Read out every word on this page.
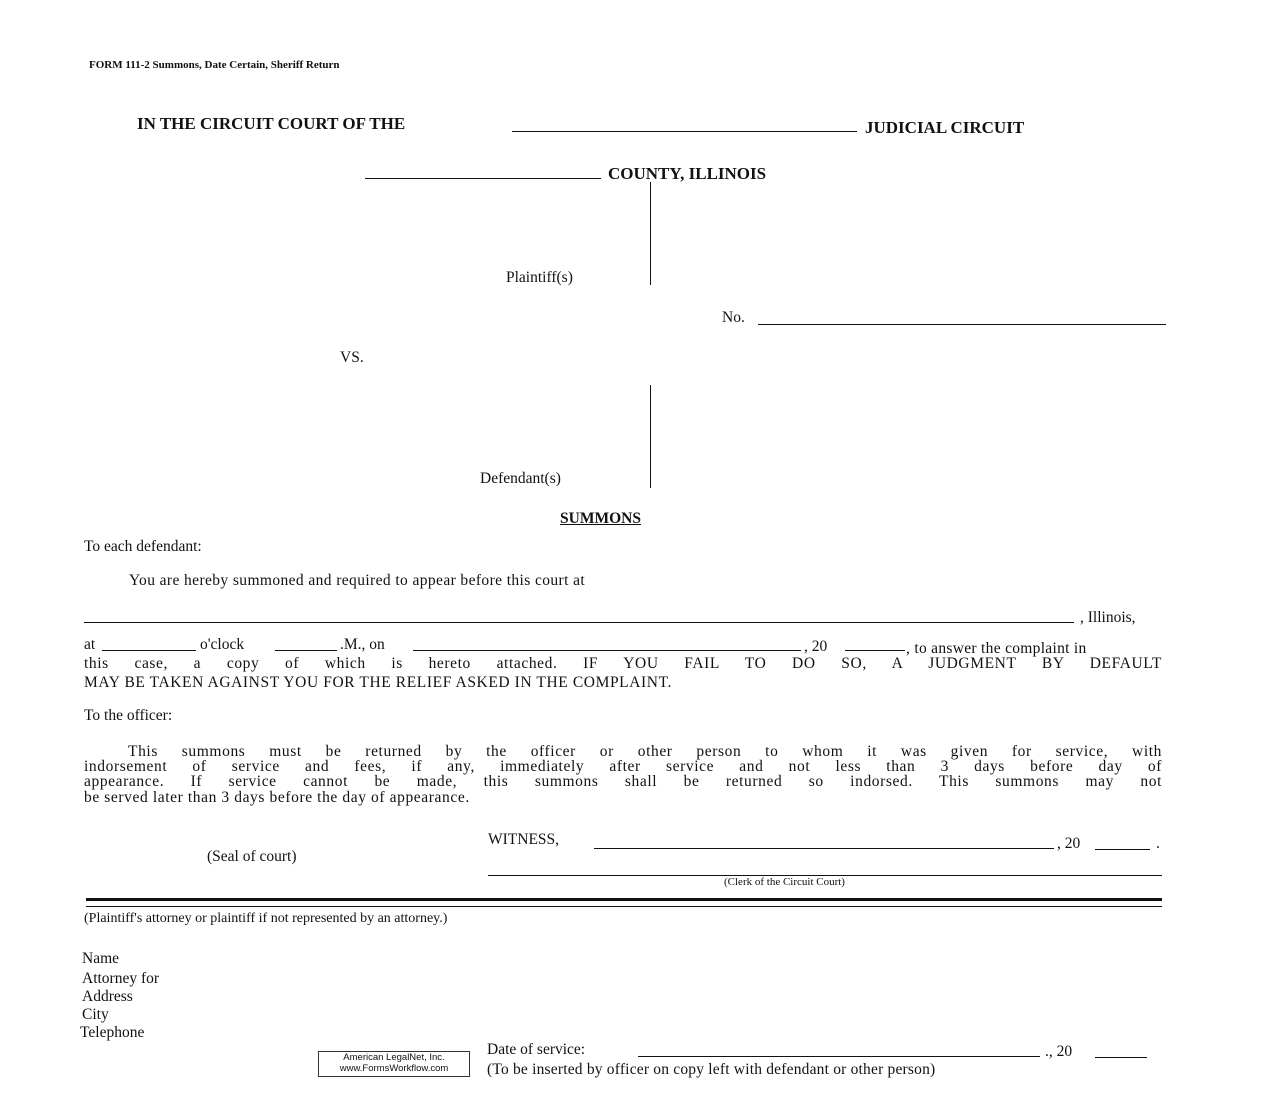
FORM 111-2 Summons, Date Certain, Sheriff Return
IN THE CIRCUIT COURT OF THE	JUDICIAL CIRCUIT
COUNTY, ILLINOIS
Plaintiff(s)
No.
VS.
Defendant(s)
SUMMONS
To each defendant:
You are hereby summoned and required to appear before this court at
, Illinois,
at	o'clock	.M., on	, 20	, to answer the complaint in
this case, a copy of which is hereto attached. IF YOU FAIL TO DO SO, A JUDGMENT BY DEFAULT
MAY BE TAKEN AGAINST YOU FOR THE RELIEF ASKED IN THE COMPLAINT.
To the officer:
This summons must be returned by the officer or other person to whom it was given for service, with
indorsement of service and fees, if any, immediately after service and not less than 3 days before day of
appearance. If service cannot be made, this summons shall be returned so indorsed. This summons may not
be served later than 3 days before the day of appearance.
WITNESS,	, 20	.
(Seal of court)
(Clerk of the Circuit Court)
(Plaintiff's attorney or plaintiff if not represented by an attorney.)
Name
Attorney for
Address
City
Telephone
American LegalNet, Inc.
www.FormsWorkflow.com
Date of service:	., 20
(To be inserted by officer on copy left with defendant or other person)
